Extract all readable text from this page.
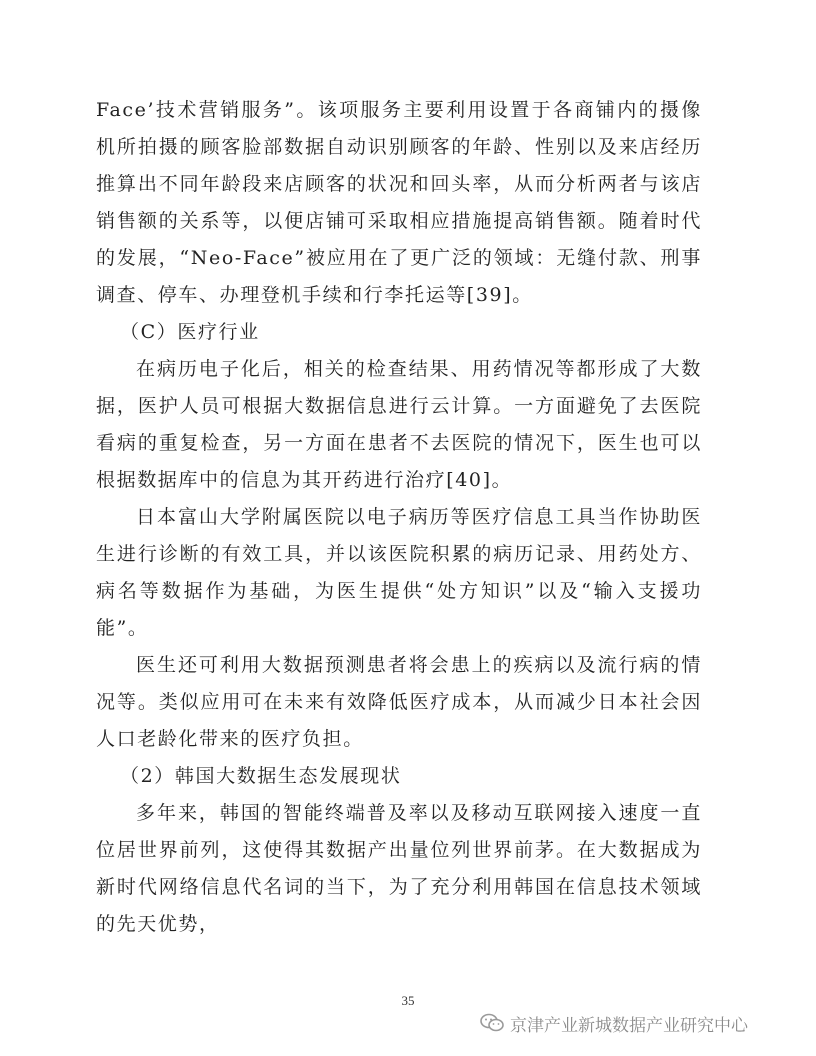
Face’技术营销服务”。该项服务主要利用设置于各商铺内的摄像机所拍摄的顾客脸部数据自动识别顾客的年龄、性别以及来店经历推算出不同年龄段来店顾客的状况和回头率，从而分析两者与该店销售额的关系等，以便店铺可采取相应措施提高销售额。随着时代的发展，“Neo-Face”被应用在了更广泛的领域：无缝付款、刑事调查、停车、办理登机手续和行李托运等[39]。

（C）医疗行业

在病历电子化后，相关的检查结果、用药情况等都形成了大数据，医护人员可根据大数据信息进行云计算。一方面避免了去医院看病的重复检查，另一方面在患者不去医院的情况下，医生也可以根据数据库中的信息为其开药进行治疗[40]。

日本富山大学附属医院以电子病历等医疗信息工具当作协助医生进行诊断的有效工具，并以该医院积累的病历记录、用药处方、病名等数据作为基础，为医生提供“处方知识”以及“输入支援功能”。

医生还可利用大数据预测患者将会患上的疾病以及流行病的情况等。类似应用可在未来有效降低医疗成本，从而减少日本社会因人口老龄化带来的医疗负担。

（2）韩国大数据生态发展现状

多年来，韩国的智能终端普及率以及移动互联网接入速度一直位居世界前列，这使得其数据产出量位列世界前茅。在大数据成为新时代网络信息代名词的当下，为了充分利用韩国在信息技术领域的先天优势，

35
京津产业新城数据产业研究中心
